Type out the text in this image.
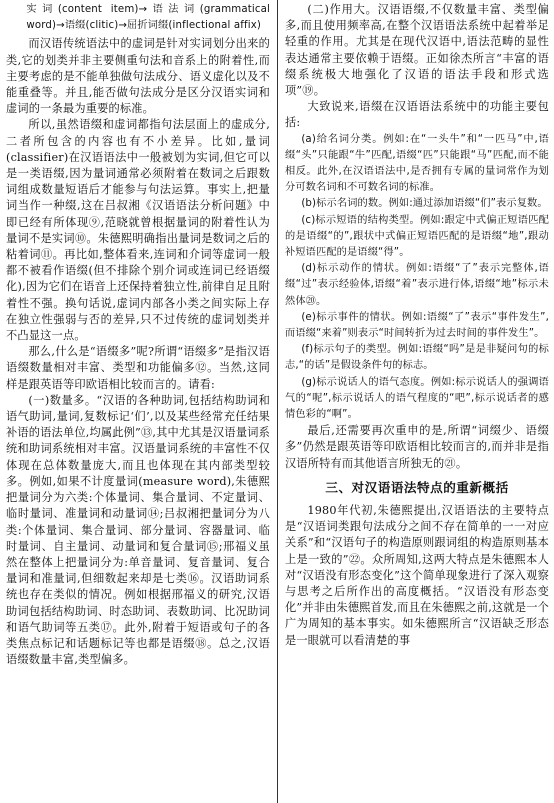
实词(content item)→语法词(grammatical word)→语缀(clitic)→屈折词缀(inflectional affix)

而汉语传统语法中的虚词是针对实词划分出来的类,它的划类并非主要侧重句法和音系上的附着性,而主要考虑的是不能单独做句法成分、语义虚化以及不能重叠等。并且,能否做句法成分是区分汉语实词和虚词的一条最为重要的标准。

所以,虽然语缀和虚词都指句法层面上的虚成分,二者所包含的内容也有不小差异。比如,量词(classifier)在汉语语法中一般被划为实词,但它可以是一类语缀,因为量词通常必须附着在数词之后跟数词组成数量短语后才能参与句法运算。事实上,把量词当作一种缀,这在吕叔湘《汉语语法分析问题》中即已经有所体现⑨,范晓就曾根据量词的附着性认为量词不是实词⑩。朱德熙明确指出量词是数词之后的粘着词⑪。再比如,整体看来,连词和介词等虚词一般都不被看作语缀(但不排除个别介词或连词已经语缀化),因为它们在语音上还保持着独立性,前律自足且附着性不强。换句话说,虚词内部各小类之间实际上存在独立性强弱与否的差异,只不过传统的虚词划类并不凸显这一点。

那么,什么是“语缀多”呢?所谓“语缀多”是指汉语语缀数量相对丰富、类型和功能偏多⑫。当然,这同样是跟英语等印欧语相比较而言的。请看:

(一)数量多。“汉语的各种助词,包括结构助词和语气助词,量词,复数标记‘们’,以及某些经常充任结果补语的语法单位,均属此例”⑬,其中尤其是汉语量词系统和助词系统相对丰富。汉语量词系统的丰富性不仅体现在总体数量庞大,而且也体现在其内部类型较多。例如,如果不计度量词(measure word),朱德熙把量词分为六类:个体量词、集合量词、不定量词、临时量词、准量词和动量词⑭;吕叔湘把量词分为八类:个体量词、集合量词、部分量词、容器量词、临时量词、自主量词、动量词和复合量词⑮;邢福义虽然在整体上把量词分为:单音量词、复音量词、复合量词和准量词,但细数起来却是七类⑯。汉语助词系统也存在类似的情况。例如根据邢福义的研究,汉语助词包括结构助词、时态助词、表数助词、比况助词和语气助词等五类⑰。此外,附着于短语或句子的各类焦点标记和话题标记等也都是语缀⑱。总之,汉语语缀数量丰富,类型偏多。

(二)作用大。汉语语缀,不仅数量丰富、类型偏多,而且使用频率高,在整个汉语语法系统中起着举足轻重的作用。尤其是在现代汉语中,语法范畴的显性表达通常主要依赖于语缀。正如徐杰所言“丰富的语缀系统极大地强化了汉语的语法手段和形式选项”⑲。

大致说来,语缀在汉语语法系统中的功能主要包括:

(a)给名词分类。例如:在“一头牛”和“一匹马”中,语缀“头”只能跟“牛”匹配,语缀“匹”只能跟“马”匹配,而不能相反。此外,在汉语语法中,是否拥有专属的量词常作为划分可数名词和不可数名词的标准。

(b)标示名词的数。例如:通过添加语缀“们”表示复数。

(c)标示短语的结构类型。例如:跟定中式偏正短语匹配的是语缀“的”,跟状中式偏正短语匹配的是语缀“地”,跟动补短语匹配的是语缀“得”。

(d)标示动作的情状。例如:语缀“了”表示完整体,语缀“过”表示经验体,语缀“着”表示进行体,语缀“地”标示未然体⑳。

(e)标示事件的情状。例如:语缀“了”表示“事件发生”,而语缀“来着”则表示“时间转折为过去时间的事件发生”。

(f)标示句子的类型。例如:语缀“吗”是是非疑问句的标志,“的话”是假设条件句的标志。

(g)标示说话人的语气态度。例如:标示说话人的强调语气的“呢”,标示说话人的语气程度的“吧”,标示说话者的感情色彩的“啊”。

最后,还需要再次重申的是,所谓“词缀少、语缀多”仍然是跟英语等印欧语相比较而言的,而并非是指汉语所特有而其他语言所独无的㉑。

三、对汉语语法特点的重新概括

1980年代初,朱德熙提出,汉语语法的主要特点是“汉语词类跟句法成分之间不存在简单的一一对应关系”和“汉语句子的构造原则跟词组的构造原则基本上是一致的”㉒。众所周知,这两大特点是朱德熙本人对“汉语没有形态变化”这个简单现象进行了深入观察与思考之后所作出的高度概括。“汉语没有形态变化”并非由朱德熙首发,而且在朱德熙之前,这就是一个广为周知的基本事实。如朱德熙所言“汉语缺乏形态是一眼就可以看清楚的事
